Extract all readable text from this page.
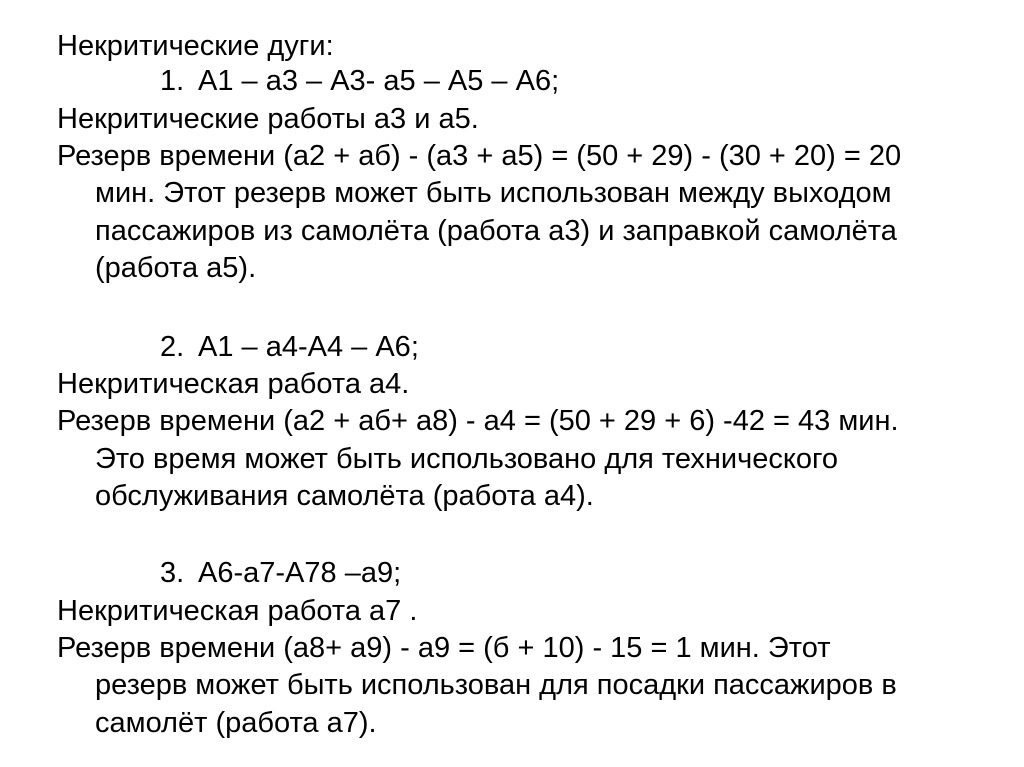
Некритические дуги:
1. А1 – а3 – А3- а5 – А5 – А6;
Некритические работы а3 и а5.
Резерв времени (а2 + аб) - (а3 + а5) = (50 + 29) - (30 + 20) = 20
мин. Этот резерв может быть использован между выходом
пассажиров из самолёта (работа а3) и заправкой самолёта
(работа а5).
2. А1 – а4-А4 – А6;
Некритическая работа а4.
Резерв времени (а2 + аб+ а8) - а4 = (50 + 29 + 6) -42 = 43 мин.
Это время может быть использовано для технического
обслуживания самолёта (работа а4).
3. А6-а7-А78 –а9;
Некритическая работа а7 .
Резерв времени (а8+ а9) - а9 = (б + 10) - 15 = 1 мин. Этот
резерв может быть использован для посадки пассажиров в
самолёт (работа а7).
